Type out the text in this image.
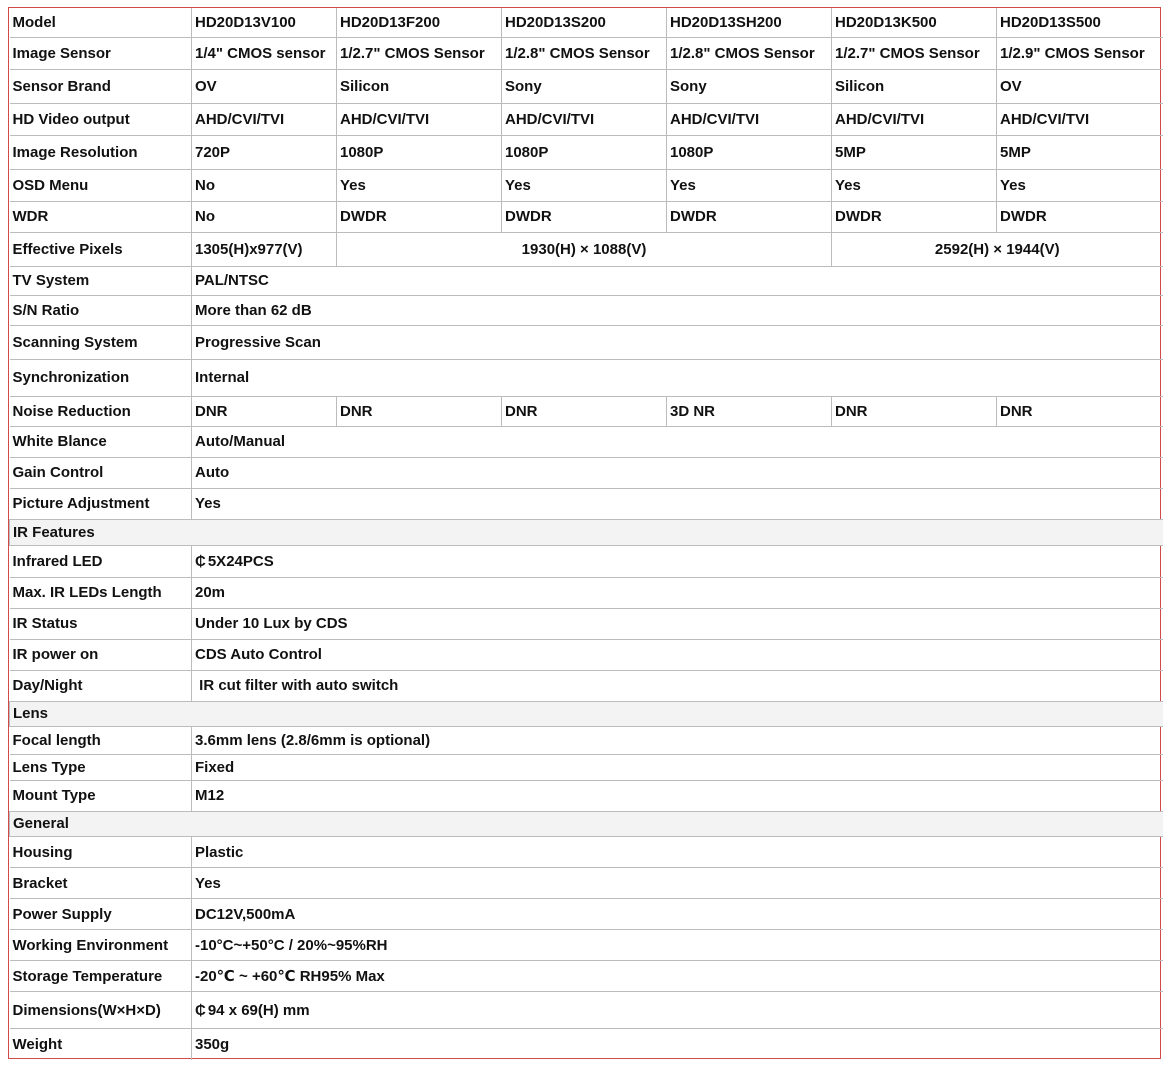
Model	HD20D13V100	HD20D13F200	HD20D13S200	HD20D13SH200	HD20D13K500	HD20D13S500
Image Sensor	1/4" CMOS sensor	1/2.7" CMOS Sensor	1/2.8" CMOS Sensor	1/2.8" CMOS Sensor	1/2.7" CMOS Sensor	1/2.9" CMOS Sensor
Sensor Brand	OV	Silicon	Sony	Sony	Silicon	OV
HD Video output	AHD/CVI/TVI	AHD/CVI/TVI	AHD/CVI/TVI	AHD/CVI/TVI	AHD/CVI/TVI	AHD/CVI/TVI
Image Resolution	720P	1080P	1080P	1080P	5MP	5MP
OSD Menu	No	Yes	Yes	Yes	Yes	Yes
WDR	No	DWDR	DWDR	DWDR	DWDR	DWDR
Effective Pixels	1305(H)x977(V)	1930(H) × 1088(V)			2592(H) × 1944(V)	
TV System	PAL/NTSC					
S/N Ratio	More than 62 dB					
Scanning System	Progressive Scan					
Synchronization	Internal					
Noise Reduction	DNR	DNR	DNR	3D NR	DNR	DNR
White Blance	Auto/Manual					
Gain Control	Auto					
Picture Adjustment	Yes					
IR Features						
Infrared LED	₵ 5X24PCS					
Max. IR LEDs Length	20m					
IR Status	Under 10 Lux by CDS					
IR power on	CDS Auto Control					
Day/Night	IR cut filter with auto switch					
Lens						
Focal length	3.6mm lens (2.8/6mm is optional)					
Lens Type	Fixed					
Mount Type	M12					
General						
Housing	Plastic					
Bracket	Yes					
Power Supply	DC12V,500mA					
Working Environment	-10°C~+50°C / 20%~95%RH					
Storage Temperature	-20℃ ~ +60℃ RH95% Max					
Dimensions(W×H×D)	₵ 94 x 69(H) mm					
Weight	350g					
